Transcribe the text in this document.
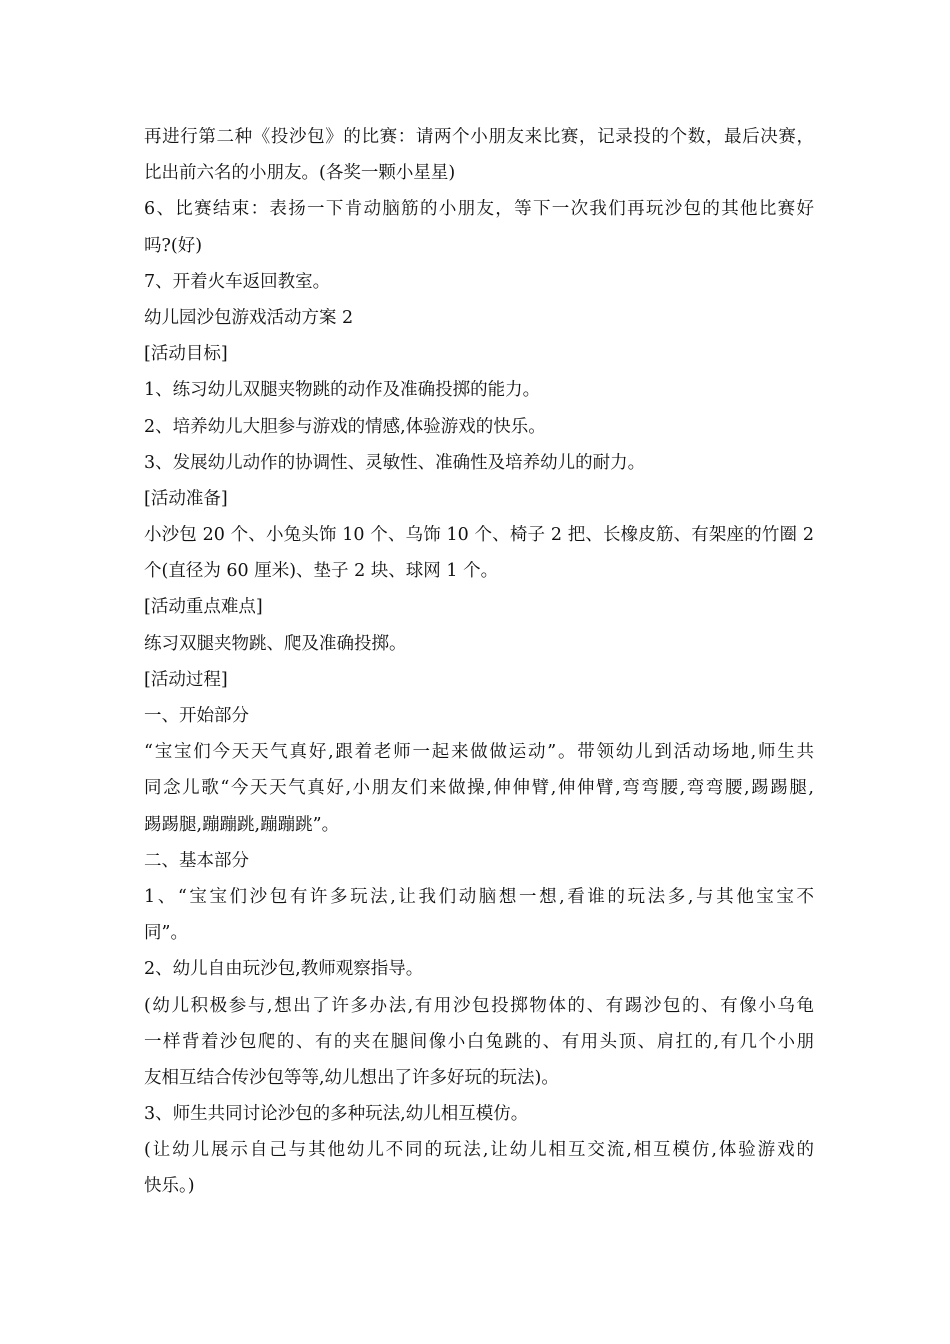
再进行第二种《投沙包》的比赛：请两个小朋友来比赛，记录投的个数，最后决赛，
比出前六名的小朋友。(各奖一颗小星星)
6、比赛结束：表扬一下肯动脑筋的小朋友，等下一次我们再玩沙包的其他比赛好
吗?(好)
7、开着火车返回教室。
幼儿园沙包游戏活动方案 2
[活动目标]
1、练习幼儿双腿夹物跳的动作及准确投掷的能力。
2、培养幼儿大胆参与游戏的情感,体验游戏的快乐。
3、发展幼儿动作的协调性、灵敏性、准确性及培养幼儿的耐力。
[活动准备]
小沙包 20 个、小兔头饰 10 个、乌饰 10 个、椅子 2 把、长橡皮筋、有架座的竹圈 2
个(直径为 60 厘米)、垫子 2 块、球网 1 个。
[活动重点难点]
练习双腿夹物跳、爬及准确投掷。
[活动过程]
一、开始部分
“宝宝们今天天气真好,跟着老师一起来做做运动”。带领幼儿到活动场地,师生共
同念儿歌“今天天气真好,小朋友们来做操,伸伸臂,伸伸臂,弯弯腰,弯弯腰,踢踢腿,
踢踢腿,蹦蹦跳,蹦蹦跳”。
二、基本部分
1、“宝宝们沙包有许多玩法,让我们动脑想一想,看谁的玩法多,与其他宝宝不
同”。
2、幼儿自由玩沙包,教师观察指导。
(幼儿积极参与,想出了许多办法,有用沙包投掷物体的、有踢沙包的、有像小乌龟
一样背着沙包爬的、有的夹在腿间像小白兔跳的、有用头顶、肩扛的,有几个小朋
友相互结合传沙包等等,幼儿想出了许多好玩的玩法)。
3、师生共同讨论沙包的多种玩法,幼儿相互模仿。
(让幼儿展示自己与其他幼儿不同的玩法,让幼儿相互交流,相互模仿,体验游戏的
快乐。)
